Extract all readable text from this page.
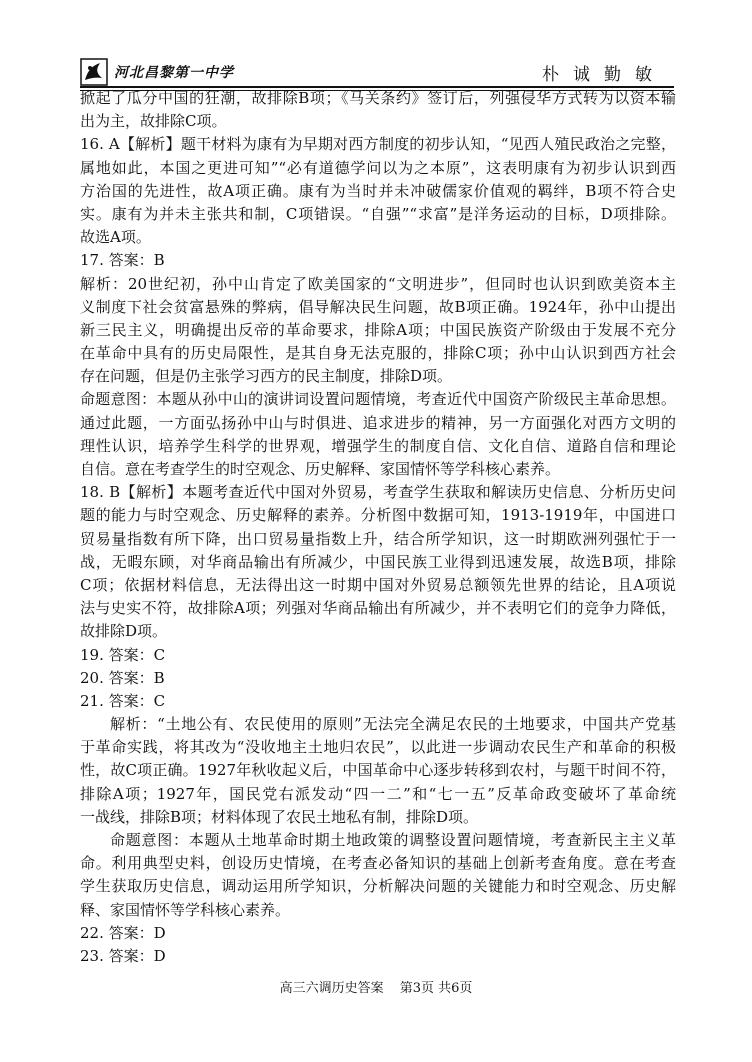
河北昌黎第一中学	朴诚勤敏
掀起了瓜分中国的狂潮，故排除B项；《马关条约》签订后，列强侵华方式转为以资本输
出为主，故排除C项。
16. A【解析】题干材料为康有为早期对西方制度的初步认知，“见西人殖民政治之完整，
属地如此，本国之更进可知”“必有道德学问以为之本原”，这表明康有为初步认识到西
方治国的先进性，故A项正确。康有为当时并未冲破儒家价值观的羁绊，B项不符合史
实。康有为并未主张共和制，C项错误。“自强”“求富”是洋务运动的目标，D项排除。
故选A项。
17. 答案：B
解析：20世纪初，孙中山肯定了欧美国家的“文明进步”，但同时也认识到欧美资本主
义制度下社会贫富悬殊的弊病，倡导解决民生问题，故B项正确。1924年，孙中山提出
新三民主义，明确提出反帝的革命要求，排除A项；中国民族资产阶级由于发展不充分
在革命中具有的历史局限性，是其自身无法克服的，排除C项；孙中山认识到西方社会
存在问题，但是仍主张学习西方的民主制度，排除D项。
命题意图：本题从孙中山的演讲词设置问题情境，考查近代中国资产阶级民主革命思想。
通过此题，一方面弘扬孙中山与时俱进、追求进步的精神，另一方面强化对西方文明的
理性认识，培养学生科学的世界观，增强学生的制度自信、文化自信、道路自信和理论
自信。意在考查学生的时空观念、历史解释、家国情怀等学科核心素养。
18. B【解析】本题考查近代中国对外贸易，考查学生获取和解读历史信息、分析历史问
题的能力与时空观念、历史解释的素养。分析图中数据可知，1913-1919年，中国进口
贸易量指数有所下降，出口贸易量指数上升，结合所学知识，这一时期欧洲列强忙于一
战，无暇东顾，对华商品输出有所减少，中国民族工业得到迅速发展，故选B项，排除
C项；依据材料信息，无法得出这一时期中国对外贸易总额领先世界的结论，且A项说
法与史实不符，故排除A项；列强对华商品输出有所减少，并不表明它们的竞争力降低，
故排除D项。
19. 答案：C
20. 答案：B
21. 答案：C
解析：“土地公有、农民使用的原则”无法完全满足农民的土地要求，中国共产党基
于革命实践，将其改为“没收地主土地归农民”，以此进一步调动农民生产和革命的积极
性，故C项正确。1927年秋收起义后，中国革命中心逐步转移到农村，与题干时间不符，
排除A项；1927年，国民党右派发动“四一二”和“七一五”反革命政变破坏了革命统
一战线，排除B项；材料体现了农民土地私有制，排除D项。
命题意图：本题从土地革命时期土地政策的调整设置问题情境，考查新民主主义革
命。利用典型史料，创设历史情境，在考查必备知识的基础上创新考查角度。意在考查
学生获取历史信息，调动运用所学知识，分析解决问题的关键能力和时空观念、历史解
释、家国情怀等学科核心素养。
22. 答案：D
23. 答案：D
高三六调历史答案 第3页 共6页
